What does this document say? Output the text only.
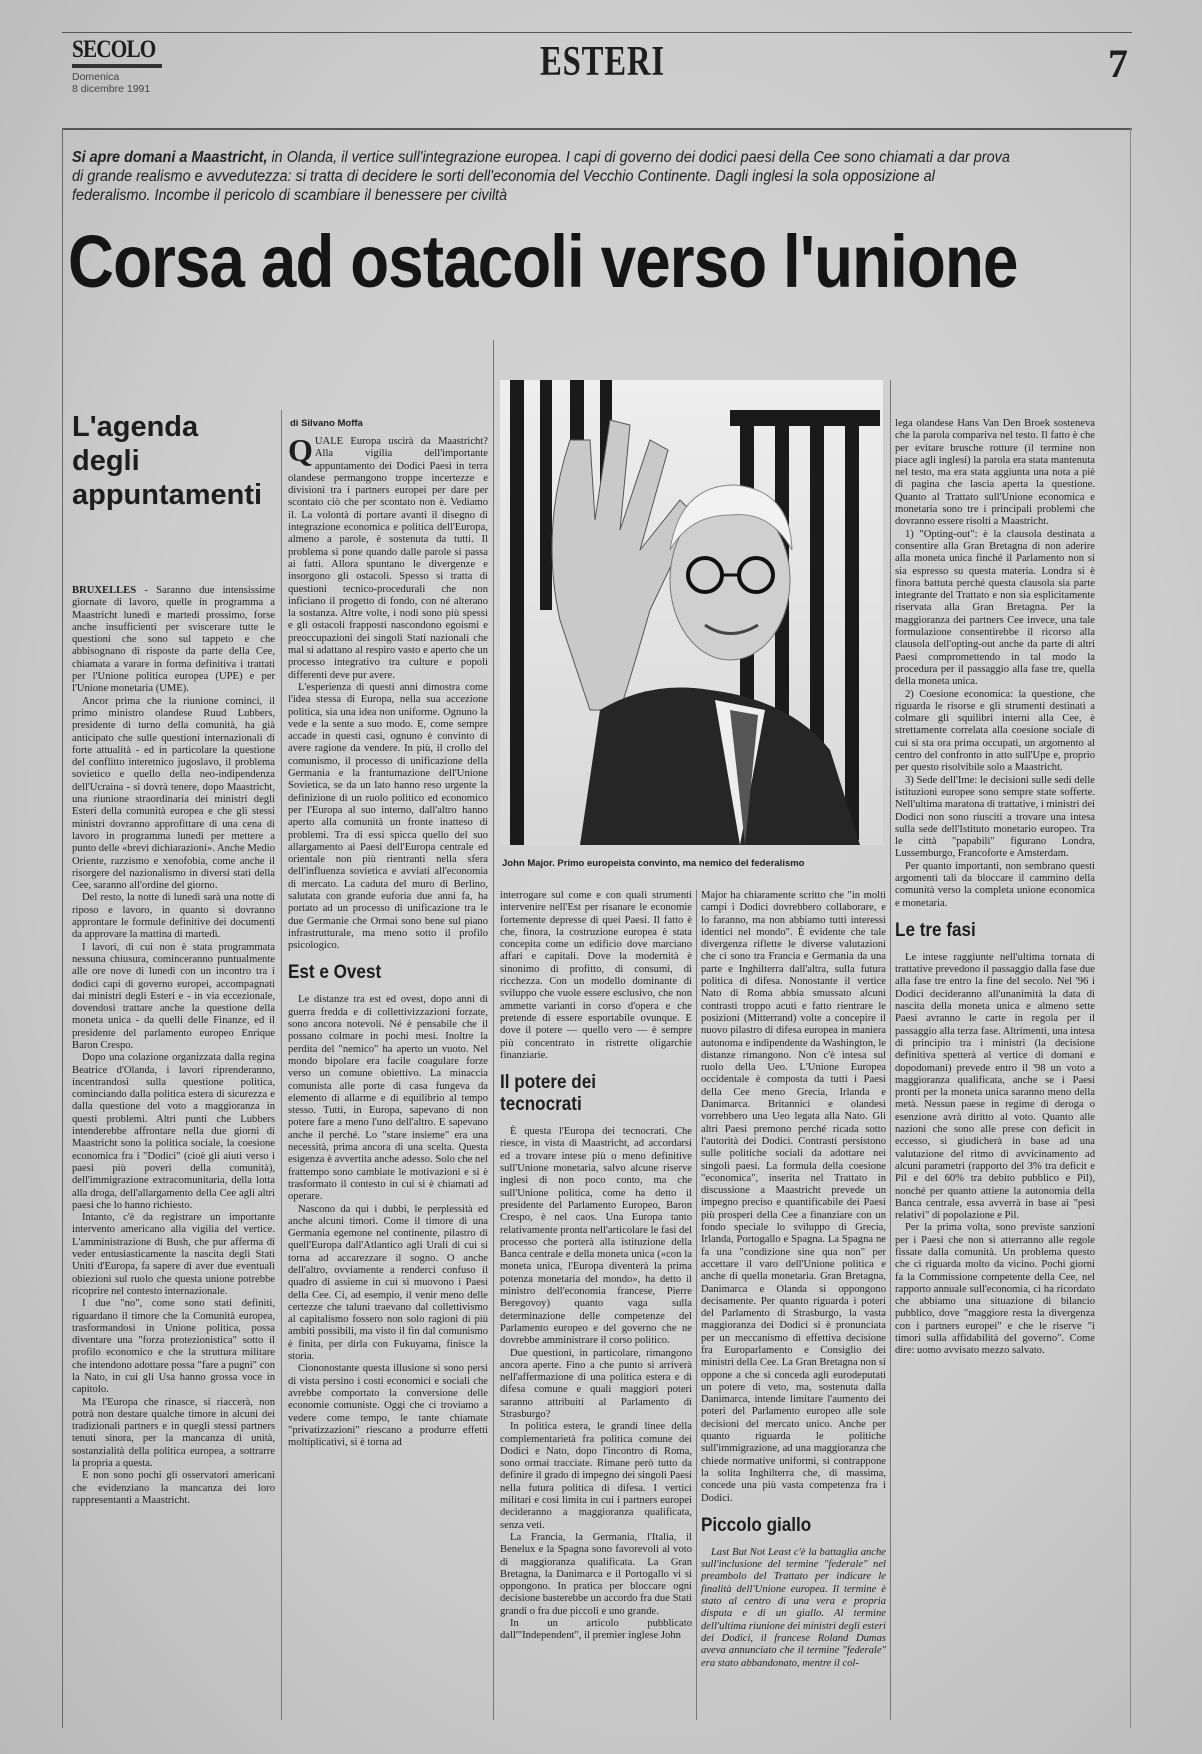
SECOLO
Domenica
8 dicembre 1991
ESTERI	7
Si apre domani a Maastricht, in Olanda, il vertice sull'integrazione europea. I capi di governo dei dodici paesi della Cee sono chiamati a dar prova di grande realismo e avvedutezza: si tratta di decidere le sorti dell'economia del Vecchio Continente. Dagli inglesi la sola opposizione al federalismo. Incombe il pericolo di scambiare il benessere per civiltà
Corsa ad ostacoli verso l'unione
L'agenda degli appuntamenti

BRUXELLES - Saranno due intensissime giornate di lavoro, quelle in programma a Maastricht lunedì e martedì prossimo, forse anche insufficienti per sviscerare tutte le questioni che sono sul tappeto e che abbisognano di risposte da parte della Cee, chiamata a varare in forma definitiva i trattati per l'Unione politica europea (UPE) e per l'Unione monetaria (UME).

Ancor prima che la riunione cominci, il primo ministro olandese Ruud Lubbers, presidente di turno della comunità, ha già anticipato che sulle questioni internazionali di forte attualità - ed in particolare la questione del conflitto interetnico jugoslavo, il problema sovietico e quello della neo-indipendenza dell'Ucraina - si dovrà tenere, dopo Maastricht, una riunione straordinaria dei ministri degli Esteri della comunità europea e che gli stessi ministri dovranno approfittare di una cena di lavoro in programma lunedì per mettere a punto delle «brevi dichiarazioni». Anche Medio Oriente, razzismo e xenofobia, come anche il risorgere del nazionalismo in diversi stati della Cee, saranno all'ordine del giorno.

Del resto, la notte di lunedì sarà una notte di riposo e lavoro, in quanto si dovranno approntare le formule definitive dei documenti da approvare la mattina di martedì.

I lavori, di cui non è stata programmata nessuna chiusura, cominceranno puntualmente alle ore nove di lunedì con un incontro tra i dodici capi di governo europei, accompagnati dai ministri degli Esteri e - in via eccezionale, dovendosi trattare anche la questione della moneta unica - da quelli delle Finanze, ed il presidente del parlamento europeo Enrique Baron Crespo.

Dopo una colazione organizzata dalla regina Beatrice d'Olanda, i lavori riprenderanno, incentrandosi sulla questione politica, cominciando dalla politica estera di sicurezza e dalla questione del voto a maggioranza in questi problemi. Altri punti che Lubbers intenderebbe affrontare nella due giorni di Maastricht sono la politica sociale, la coesione economica fra i "Dodici" (cioè gli aiuti verso i paesi più poveri della comunità), dell'immigrazione extracomunitaria, della lotta alla droga, dell'allargamento della Cee agli altri paesi che lo hanno richiesto.

Intanto, c'è da registrare un importante intervento americano alla vigilia del vertice. L'amministrazione di Bush, che pur afferma di veder entusiasticamente la nascita degli Stati Uniti d'Europa, fa sapere di aver due eventuali obiezioni sul ruolo che questa unione potrebbe ricoprire nel contesto internazionale.

I due "no", come sono stati definiti, riguardano il timore che la Comunità europea, trasformandosi in Unione politica, possa diventare una "forza protezionistica" sotto il profilo economico e che la struttura militare che intendono adottare possa "fare a pugni" con la Nato, in cui gli Usa hanno grossa voce in capitolo.

Ma l'Europa che rinasce, si riaccerà, non potrà non destare qualche timore in alcuni dei tradizionali partners e in quegli stessi partners tenuti sinora, per la mancanza di unità, sostanzialità della politica europea, a sottrarre la propria a questa.

E non sono pochi gli osservatori americani che evidenziano la mancanza dei loro rappresentanti a Maastricht.

di Silvano Moffa

QUALE Europa uscirà da Maastricht? Alla vigilia dell'importante appuntamento dei Dodici Paesi in terra olandese permangono troppe incertezze e divisioni tra i partners europei per dare per scontato ciò che per scontato non è. Vediamo il. La volontà di portare avanti il disegno di integrazione economica e politica dell'Europa, almeno a parole, è sostenuta da tutti. Il problema si pone quando dalle parole si passa ai fatti. Allora spuntano le divergenze e insorgono gli ostacoli. Spesso si tratta di questioni tecnico-procedurali che non inficiano il progetto di fondo, con né alterano la sostanza. Altre volte, i nodi sono più spessi e gli ostacoli frapposti nascondono egoismi e preoccupazioni dei singoli Stati nazionali che mal si adattano al respiro vasto e aperto che un processo integrativo tra culture e popoli differenti deve pur avere.

L'esperienza di questi anni dimostra come l'idea stessa di Europa, nella sua accezione politica, sia una idea non uniforme. Ognuno la vede e la sente a suo modo. E, come sempre accade in questi casi, ognuno è convinto di avere ragione da vendere. In più, il crollo del comunismo, il processo di unificazione della Germania e la frantumazione dell'Unione Sovietica, se da un lato hanno reso urgente la definizione di un ruolo politico ed economico per l'Europa al suo interno, dall'altro hanno aperto alla comunità un fronte inatteso di problemi. Tra di essi spicca quello del suo allargamento ai Paesi dell'Europa centrale ed orientale non più rientranti nella sfera dell'influenza sovietica e avviati all'economia di mercato. La caduta del muro di Berlino, salutata con grande euforia due anni fa, ha portato ad un processo di unificazione tra le due Germanie che Ormai sono bene sul piano infrastrutturale, ma meno sotto il profilo psicologico.

Est e Ovest

Le distanze tra est ed ovest, dopo anni di guerra fredda e di collettivizzazioni forzate, sono ancora notevoli. Né è pensabile che il possano colmare in pochi mesi. Inoltre la perdita del "nemico" ha aperto un vuoto. Nel mondo bipolare era facile coagulare forze verso un comune obiettivo. La minaccia comunista alle porte di casa fungeva da elemento di allarme e di equilibrio al tempo stesso. Tutti, in Europa, sapevano di non potere fare a meno l'uno dell'altro. E sapevano anche il perché. Lo "stare insieme" era una necessità, prima ancora di una scelta. Questa esigenza è avvertita anche adesso. Solo che nel frattempo sono cambiate le motivazioni e si è trasformato il contesto in cui si è chiamati ad operare.

Nascono da qui i dubbi, le perplessità ed anche alcuni timori. Come il timore di una Germania egemone nel continente, pilastro di quell'Europa dall'Atlantico agli Urali di cui si torna ad accarezzare il sogno. O anche dell'altro, ovviamente a renderci confuso il quadro di assieme in cui si muovono i Paesi della Cee. Ci, ad esempio, il venir meno delle certezze che taluni traevano dal collettivismo al capitalismo fossero non solo ragioni di più ambiti possibili, ma visto il fin dal comunismo è finita, per dirla con Fukuyama, finisce la storia.

Ciononostante questa illusione si sono persi di vista persino i costi economici e sociali che avrebbe comportato la conversione delle economie comuniste. Oggi che ci troviamo a vedere come tempo, le tante chiamate "privatizzazioni" riescano a produrre effetti moltiplicativi, si è torna ad

John Major. Primo europeista convinto, ma nemico del federalismo

interrogare sul come e con quali strumenti intervenire nell'Est per risanare le economie fortemente depresse di quei Paesi. Il fatto è che, finora, la costruzione europea è stata concepita come un edificio dove marciano affari e capitali. Dove la modernità è sinonimo di profitto, di consumi, di ricchezza. Con un modello dominante di sviluppo che vuole essere esclusivo, che non ammette varianti in corso d'opera e che pretende di essere esportabile ovunque. E dove il potere — quello vero — è sempre più concentrato in ristrette oligarchie finanziarie.

Il potere dei tecnocrati

È questa l'Europa dei tecnocrati. Che riesce, in vista di Maastricht, ad accordarsi ed a trovare intese più o meno definitive sull'Unione monetaria, salvo alcune riserve inglesi di non poco conto, ma che sull'Unione politica, come ha detto il presidente del Parlamento Europeo, Baron Crespo, è nel caos. Una Europa tanto relativamente pronta nell'articolare le fasi del processo che porterà alla istituzione della Banca centrale e della moneta unica («con la moneta unica, l'Europa diventerà la prima potenza monetaria del mondo», ha detto il ministro dell'economia francese, Pierre Beregovoy) quanto vaga sulla determinazione delle competenze del Parlamento europeo e del governo che ne dovrebbe amministrare il corso politico.

Due questioni, in particolare, rimangono ancora aperte. Fino a che punto si arriverà nell'affermazione di una politica estera e di difesa comune e quali maggiori poteri saranno attribuiti al Parlamento di Strasburgo?

In politica estera, le grandi linee della complementarietà fra politica comune dei Dodici e Nato, dopo l'incontro di Roma, sono ormai tracciate. Rimane però tutto da definire il grado di impegno dei singoli Paesi nella futura politica di difesa. I vertici militari e così limita in cui i partners europei decideranno a maggioranza qualificata, senza veti.

La Francia, la Germania, l'Italia, il Benelux e la Spagna sono favorevoli al voto di maggioranza qualificata. La Gran Bretagna, la Danimarca e il Portogallo vi si oppongono. In pratica per bloccare ogni decisione basterebbe un accordo fra due Stati grandi o fra due piccoli e uno grande.

In un articolo pubblicato dall'"Independent", il premier inglese John

Major ha chiaramente scritto che "in molti campi i Dodici dovrebbero collaborare, e lo faranno, ma non abbiamo tutti interessi identici nel mondo". È evidente che tale divergenza riflette le diverse valutazioni che ci sono tra Francia e Germania da una parte e Inghilterra dall'altra, sulla futura politica di difesa. Nonostante il vertice Nato di Roma abbia smussato alcuni contrasti troppo acuti e fatto rientrare le posizioni (Mitterrand) volte a concepire il nuovo pilastro di difesa europea in maniera autonoma e indipendente da Washington, le distanze rimangono. Non c'è intesa sul ruolo della Ueo. L'Unione Europea occidentale è composta da tutti i Paesi della Cee meno Grecia, Irlanda e Danimarca. Britannici e olandesi vorrebbero una Ueo legata alla Nato. Gli altri Paesi premono perché ricada sotto l'autorità dei Dodici. Contrasti persistono sulle politiche sociali da adottare nei singoli paesi. La formula della coesione "economica", inserita nel Trattato in discussione a Maastricht prevede un impegno preciso e quantificabile dei Paesi più prosperi della Cee a finanziare con un fondo speciale lo sviluppo di Grecia, Irlanda, Portogallo e Spagna. La Spagna ne fa una "condizione sine qua non" per accettare il varo dell'Unione politica e anche di quella monetaria. Gran Bretagna, Danimarca e Olanda si oppongono decisamente. Per quanto riguarda i poteri del Parlamento di Strasburgo, la vasta maggioranza dei Dodici si è pronunciata per un meccanismo di effettiva decisione fra Europarlamento e Consiglio dei ministri della Cee. La Gran Bretagna non si oppone a che si conceda agli eurodeputati un potere di veto, ma, sostenuta dalla Danimarca, intende limitare l'aumento dei poteri del Parlamento europeo alle sole decisioni del mercato unico. Anche per quanto riguarda le politiche sull'immigrazione, ad una maggioranza che chiede normative uniformi, si contrappone la solita Inghilterra che, di massima, concede una più vasta competenza fra i Dodici.

Piccolo giallo

Last But Not Least c'è la battaglia anche sull'inclusione del termine "federale" nel preambolo del Trattato per indicare le finalità dell'Unione europea. Il termine è stato al centro di una vera e propria disputa e di un giallo. Al termine dell'ultima riunione dei ministri degli esteri dei Dodici, il francese Roland Dumas aveva annunciato che il termine "federale" era stato abbandonato, mentre il col-

lega olandese Hans Van Den Broek sosteneva che la parola compariva nel testo. Il fatto è che per evitare brusche rotture (il termine non piace agli inglesi) la parola era stata mantenuta nel testo, ma era stata aggiunta una nota a piè di pagina che lascia aperta la questione. Quanto al Trattato sull'Unione economica e monetaria sono tre i principali problemi che dovranno essere risolti a Maastricht.

1) "Opting-out": è la clausola destinata a consentire alla Gran Bretagna di non aderire alla moneta unica finché il Parlamento non si sia espresso su questa materia. Londra si è finora battuta perché questa clausola sia parte integrante del Trattato e non sia esplicitamente riservata alla Gran Bretagna. Per la maggioranza dei partners Cee invece, una tale formulazione consentirebbe il ricorso alla clausola dell'opting-out anche da parte di altri Paesi compromettendo in tal modo la procedura per il passaggio alla fase tre, quella della moneta unica.

2) Coesione economica: la questione, che riguarda le risorse e gli strumenti destinati a colmare gli squilibri interni alla Cee, è strettamente correlata alla coesione sociale di cui si sta ora prima occupati, un argomento al centro del confronto in atto sull'Upe e, proprio per questo risolvibile solo a Maastricht.

3) Sede dell'Ime: le decisioni sulle sedi delle istituzioni europee sono sempre state sofferte. Nell'ultima maratona di trattative, i ministri dei Dodici non sono riusciti a trovare una intesa sulla sede dell'Istituto monetario europeo. Tra le città "papabili" figurano Londra, Lussemburgo, Francoforte e Amsterdam.

Per quanto importanti, non sembrano questi argomenti tali da bloccare il cammino della comunità verso la completa unione economica e monetaria.

Le tre fasi

Le intese raggiunte nell'ultima tornata di trattative prevedono il passaggio dalla fase due alla fase tre entro la fine del secolo. Nel '96 i Dodici decideranno all'unanimità la data di nascita della moneta unica e almeno sette Paesi avranno le carte in regola per il passaggio alla terza fase. Altrimenti, una intesa di principio tra i ministri (la decisione definitiva spetterà al vertice di domani e dopodomani) prevede entro il '98 un voto a maggioranza qualificata, anche se i Paesi pronti per la moneta unica saranno meno della metà. Nessun paese in regime di deroga o esenzione avrà diritto al voto. Quanto alle nazioni che sono alle prese con deficit in eccesso, si giudicherà in base ad una valutazione del ritmo di avvicinamento ad alcuni parametri (rapporto del 3% tra deficit e Pil e del 60% tra debito pubblico e Pil), nonché per quanto attiene la autonomia della Banca centrale, essa avverrà in base ai "pesi relativi" di popolazione e Pil.

Per la prima volta, sono previste sanzioni per i Paesi che non si atterranno alle regole fissate dalla comunità. Un problema questo che ci riguarda molto da vicino. Pochi giorni fa la Commissione competente della Cee, nel rapporto annuale sull'economia, ci ha ricordato che abbiamo una situazione di bilancio pubblico, dove "maggiore resta la divergenza con i partners europei" e che le riserve "i timori sulla affidabilità del governo". Come dire: uomo avvisato mezzo salvato.
